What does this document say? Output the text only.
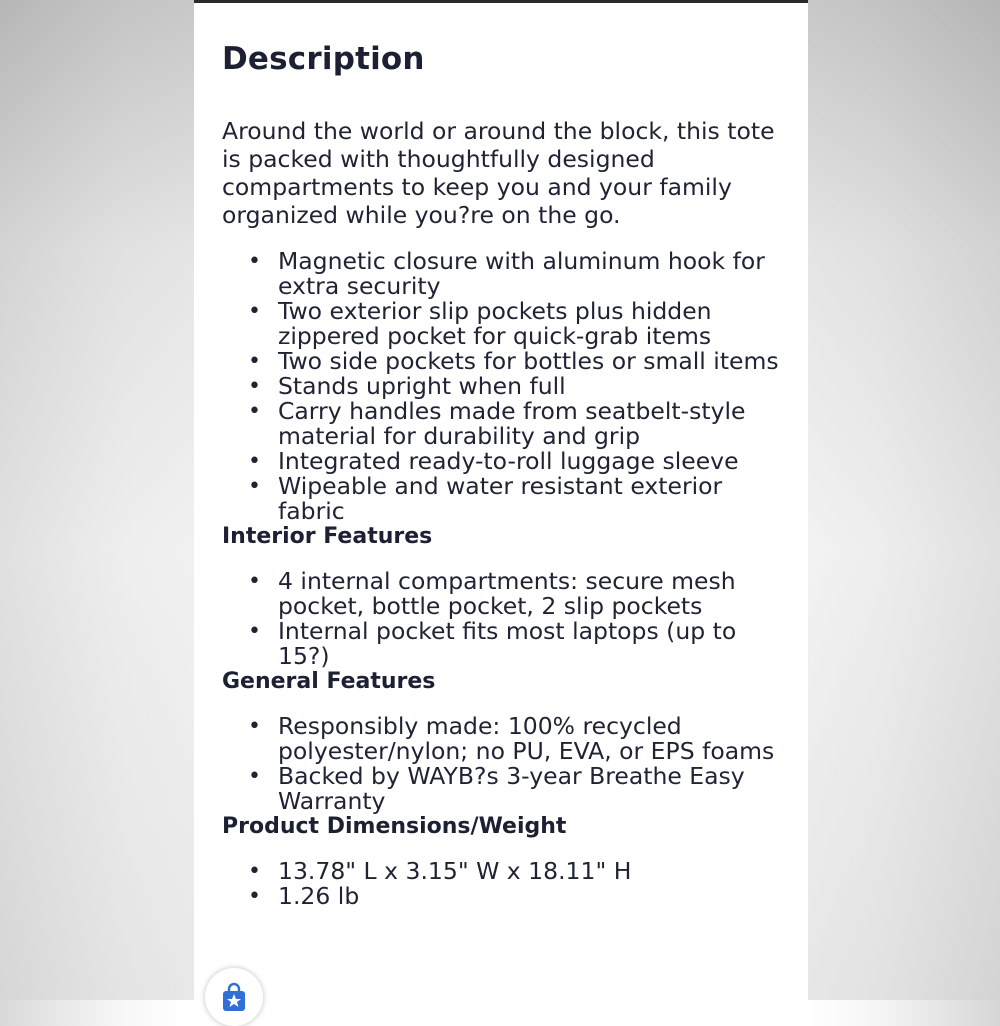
Description

Around the world or around the block, this tote is packed with thoughtfully designed compartments to keep you and your family organized while you?re on the go.

• Magnetic closure with aluminum hook for extra security
• Two exterior slip pockets plus hidden zippered pocket for quick-grab items
• Two side pockets for bottles or small items
• Stands upright when full
• Carry handles made from seatbelt-style material for durability and grip
• Integrated ready-to-roll luggage sleeve
• Wipeable and water resistant exterior fabric
Interior Features
• 4 internal compartments: secure mesh pocket, bottle pocket, 2 slip pockets
• Internal pocket fits most laptops (up to 15?)
General Features
• Responsibly made: 100% recycled polyester/nylon; no PU, EVA, or EPS foams
• Backed by WAYB?s 3-year Breathe Easy Warranty
Product Dimensions/Weight
• 13.78" L x 3.15" W x 18.11" H
• 1.26 lb
